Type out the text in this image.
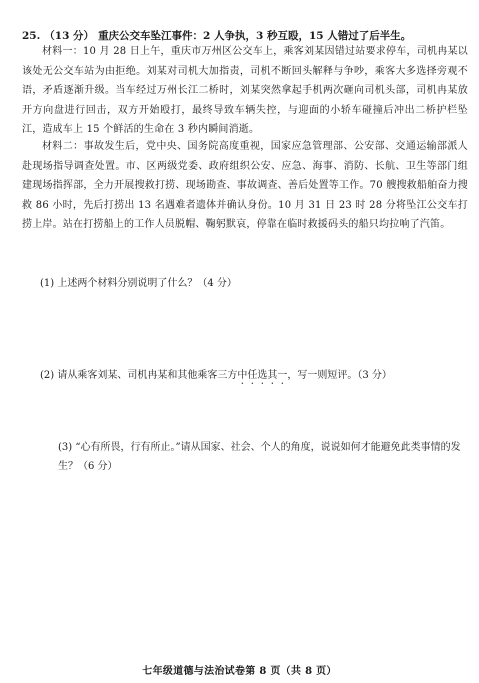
25. （13 分） 重庆公交车坠江事件：2 人争执，3 秒互殴，15 人错过了后半生。
材料一：10 月 28 日上午，重庆市万州区公交车上，乘客刘某因错过站要求停车，司机冉某以该处无公交车站为由拒绝。刘某对司机大加指责，司机不断回头解释与争吵，乘客大多选择旁观不语，矛盾逐渐升级。当车经过万州长江二桥时，刘某突然拿起手机两次砸向司机头部，司机冉某放开方向盘进行回击，双方开始殴打，最终导致车辆失控，与迎面的小轿车碰撞后冲出二桥护栏坠江，造成车上 15 个鲜活的生命在 3 秒内瞬间消逝。
材料二：事故发生后，党中央、国务院高度重视，国家应急管理部、公安部、交通运输部派人赴现场指导调查处置。市、区两级党委、政府组织公安、应急、海事、消防、长航、卫生等部门组建现场指挥部，全力开展搜救打捞、现场勘查、事故调查、善后处置等工作。70 艘搜救船舶奋力搜救 86 小时，先后打捞出 13 名遇难者遗体并确认身份。10 月 31 日 23 时 28 分将坠江公交车打捞上岸。站在打捞船上的工作人员脱帽、鞠躬默哀，停靠在临时救援码头的船只均拉响了汽笛。
(1) 上述两个材料分别说明了什么？（4 分）
(2) 请从乘客刘某、司机冉某和其他乘客三方中任选其一，写一则短评。（3 分）
(3) “心有所畏，行有所止。”请从国家、社会、个人的角度，说说如何才能避免此类事情的发生？（6 分）
七年级道德与法治试卷第 8 页（共 8 页）
